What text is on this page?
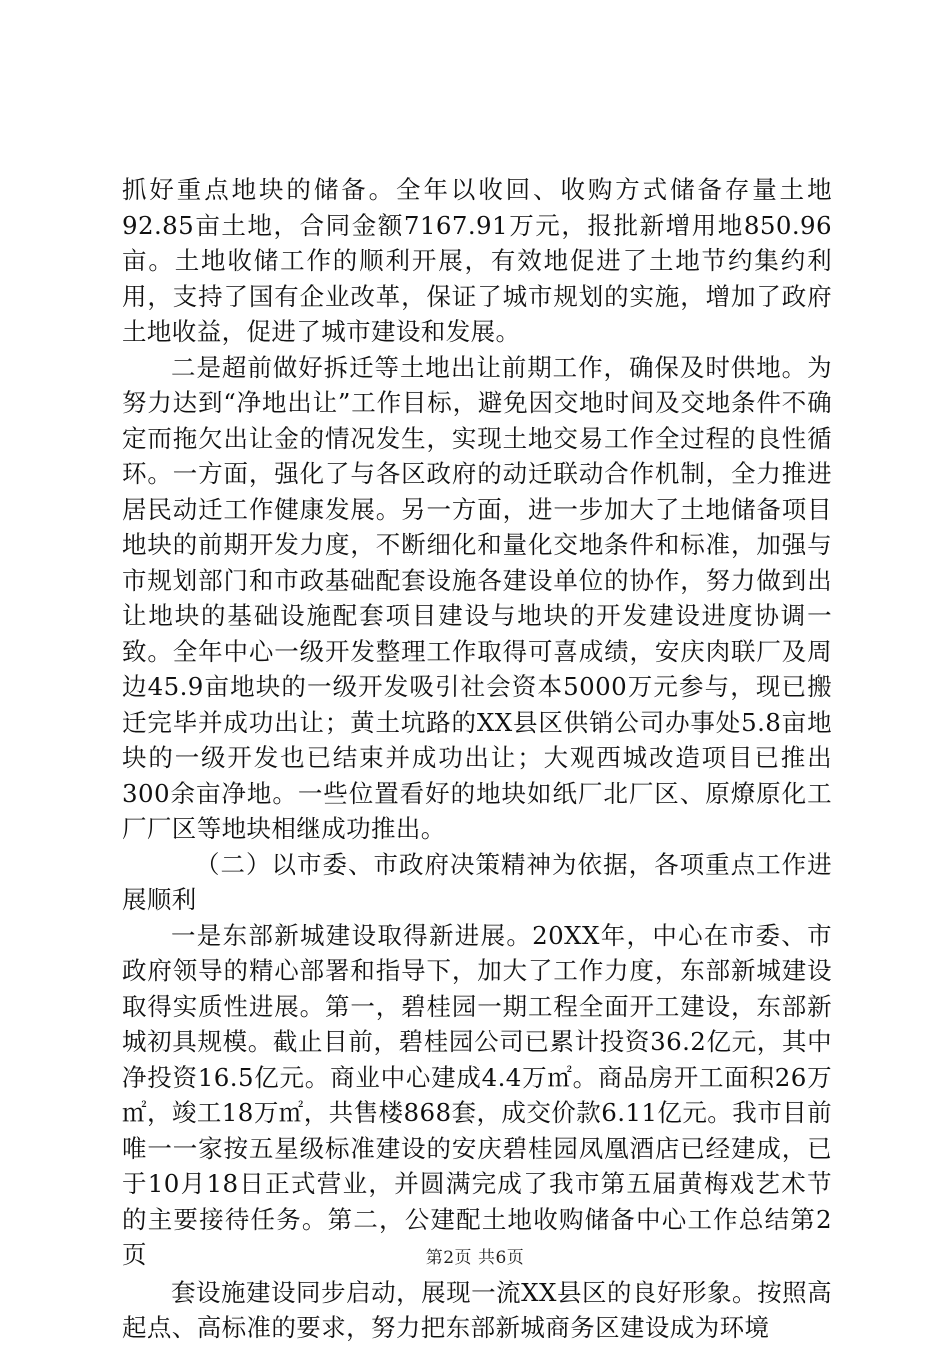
抓好重点地块的储备。全年以收回、收购方式储备存量土地92.85亩土地，合同金额7167.91万元，报批新增用地850.96亩。土地收储工作的顺利开展，有效地促进了土地节约集约利用，支持了国有企业改革，保证了城市规划的实施，增加了政府土地收益，促进了城市建设和发展。

二是超前做好拆迁等土地出让前期工作，确保及时供地。为努力达到“净地出让”工作目标，避免因交地时间及交地条件不确定而拖欠出让金的情况发生，实现土地交易工作全过程的良性循环。一方面，强化了与各区政府的动迁联动合作机制，全力推进居民动迁工作健康发展。另一方面，进一步加大了土地储备项目地块的前期开发力度，不断细化和量化交地条件和标准，加强与市规划部门和市政基础配套设施各建设单位的协作，努力做到出让地块的基础设施配套项目建设与地块的开发建设进度协调一致。全年中心一级开发整理工作取得可喜成绩，安庆肉联厂及周边45.9亩地块的一级开发吸引社会资本5000万元参与，现已搬迁完毕并成功出让；黄土坑路的XX县区供销公司办事处5.8亩地块的一级开发也已结束并成功出让；大观西城改造项目已推出300余亩净地。一些位置看好的地块如纸厂北厂区、原燎原化工厂厂区等地块相继成功推出。

（二）以市委、市政府决策精神为依据，各项重点工作进展顺利

一是东部新城建设取得新进展。20XX年，中心在市委、市政府领导的精心部署和指导下，加大了工作力度，东部新城建设取得实质性进展。第一，碧桂园一期工程全面开工建设，东部新城初具规模。截止目前，碧桂园公司已累计投资36.2亿元，其中净投资16.5亿元。商业中心建成4.4万㎡。商品房开工面积26万㎡，竣工18万㎡，共售楼868套，成交价款6.11亿元。我市目前唯一一家按五星级标准建设的安庆碧桂园凤凰酒店已经建成，已于10月18日正式营业，并圆满完成了我市第五届黄梅戏艺术节的主要接待任务。第二，公建配土地收购储备中心工作总结第2页

套设施建设同步启动，展现一流XX县区的良好形象。按照高起点、高标准的要求，努力把东部新城商务区建设成为环境

第2页 共6页
